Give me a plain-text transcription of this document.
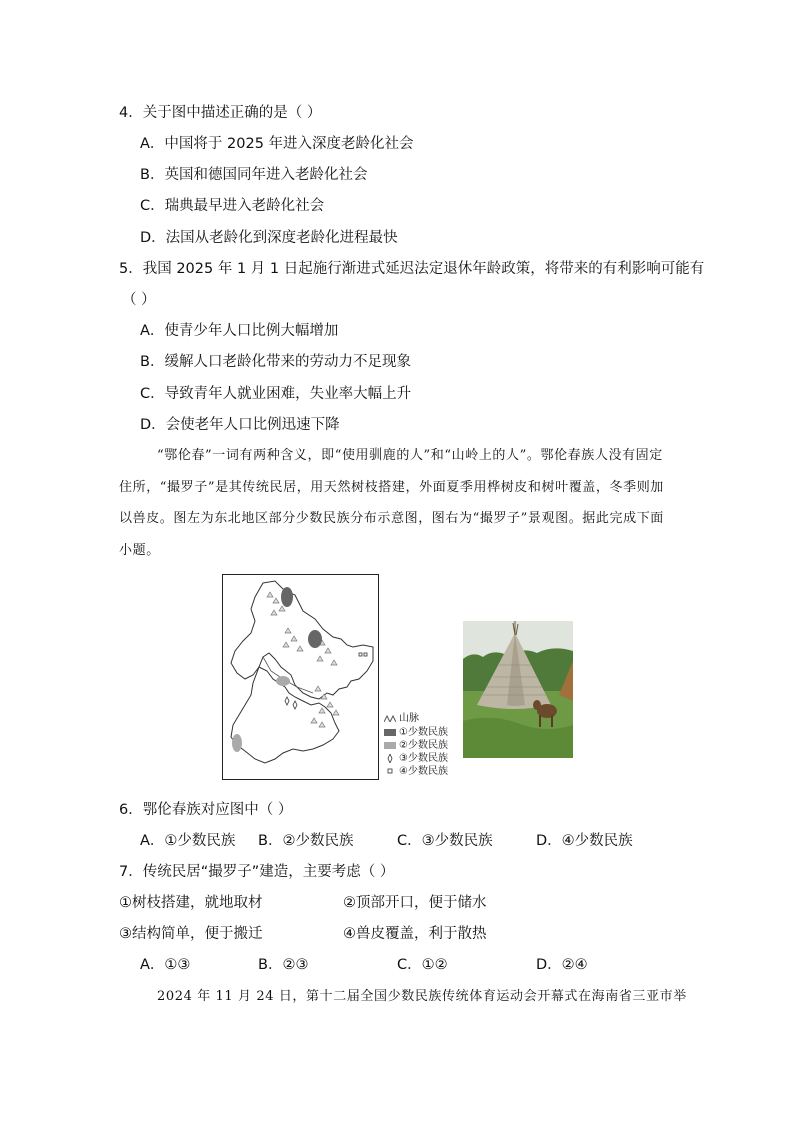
4．关于图中描述正确的是（ ）
A．中国将于 2025 年进入深度老龄化社会
B．英国和德国同年进入老龄化社会
C．瑞典最早进入老龄化社会
D．法国从老龄化到深度老龄化进程最快
5．我国 2025 年 1 月 1 日起施行渐进式延迟法定退休年龄政策，将带来的有利影响可能有
（ ）
A．使青少年人口比例大幅增加
B．缓解人口老龄化带来的劳动力不足现象
C．导致青年人就业困难，失业率大幅上升
D．会使老年人口比例迅速下降
“鄂伦春”一词有两种含义，即“使用驯鹿的人”和“山岭上的人”。鄂伦春族人没有固定
住所，“撮罗子”是其传统民居，用天然树枝搭建，外面夏季用桦树皮和树叶覆盖，冬季则加
以兽皮。图左为东北地区部分少数民族分布示意图，图右为“撮罗子”景观图。据此完成下面
小题。
山脉
①少数民族
②少数民族
③少数民族
④少数民族
6．鄂伦春族对应图中（ ）
A．①少数民族 B．②少数民族	C．③少数民族	D．④少数民族
7．传统民居“撮罗子”建造，主要考虑（ ）
①树枝搭建，就地取材	②顶部开口，便于储水
③结构简单，便于搬迁	④兽皮覆盖，利于散热
A．①③	B．②③	C．①②	D．②④
2024 年 11 月 24 日，第十二届全国少数民族传统体育运动会开幕式在海南省三亚市举
